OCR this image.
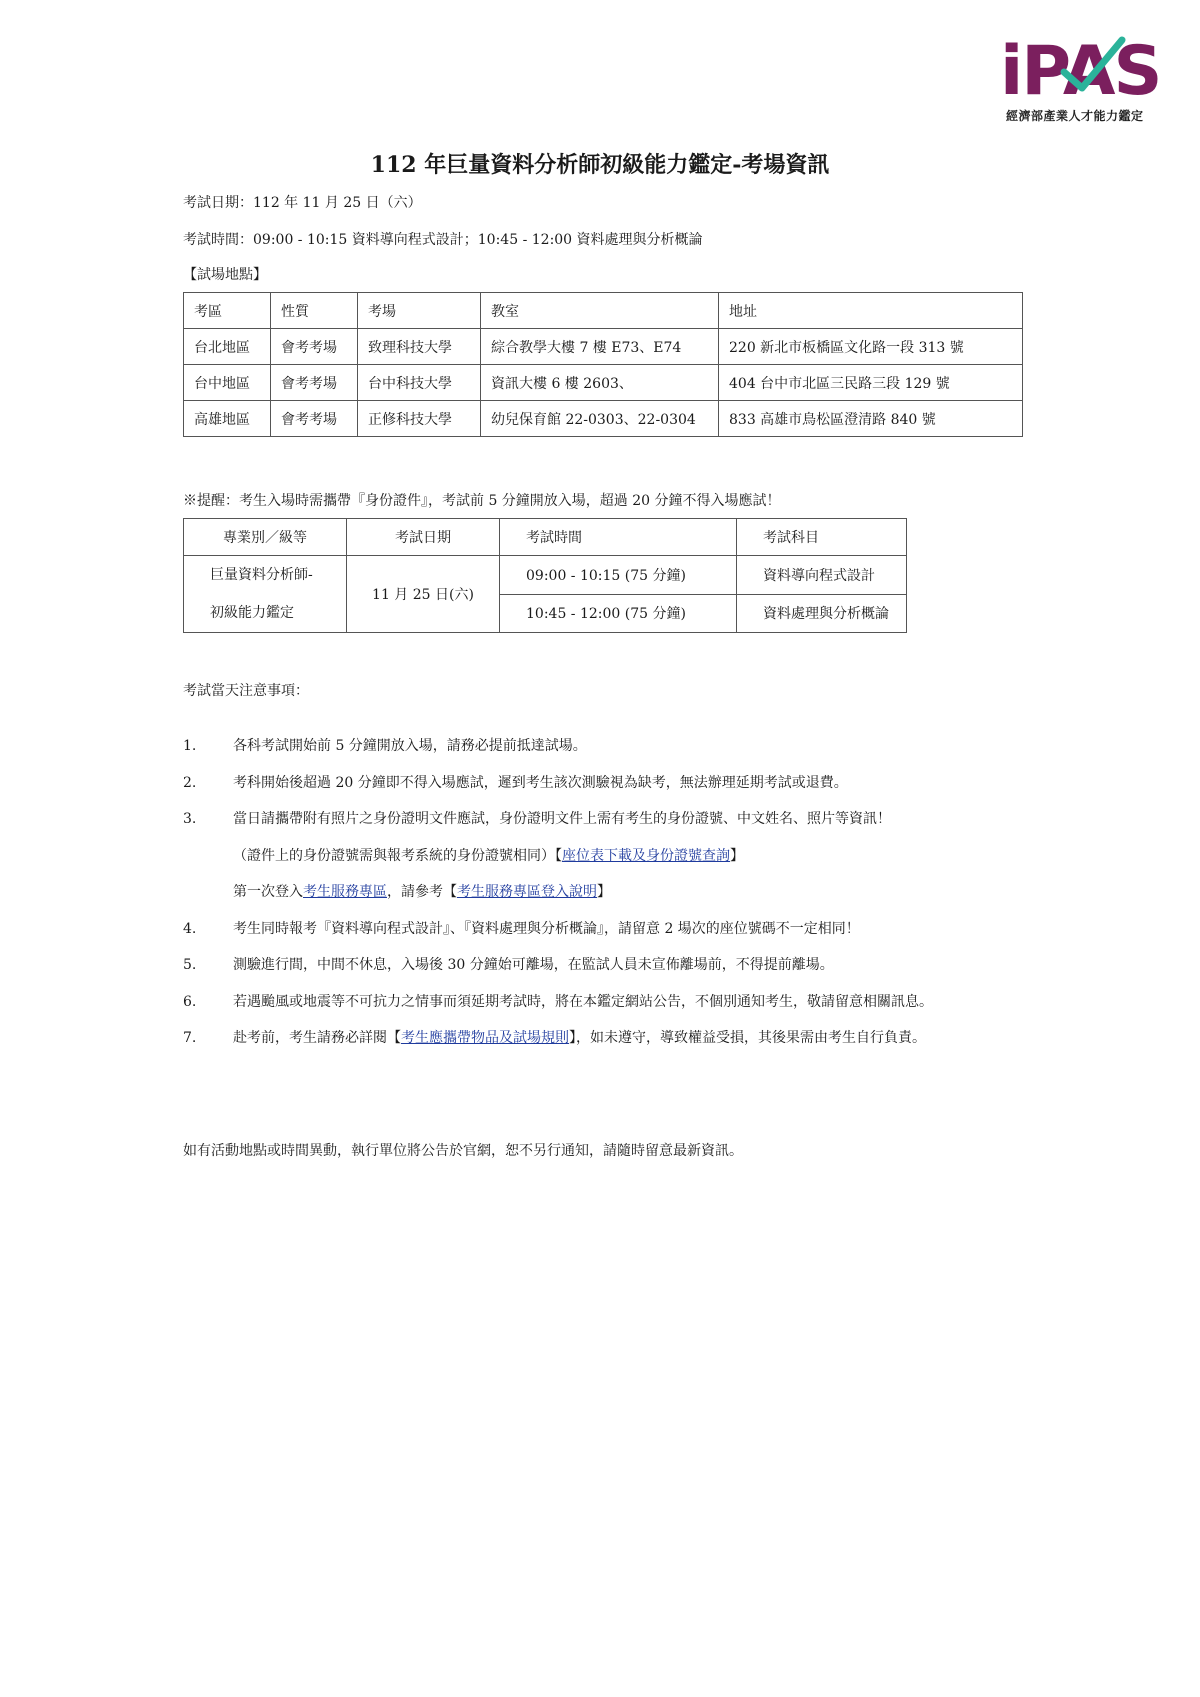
iPAS
經濟部產業人才能力鑑定
112 年巨量資料分析師初級能力鑑定-考場資訊
考試日期：112 年 11 月 25 日（六）
考試時間：09:00 - 10:15 資料導向程式設計；10:45 - 12:00 資料處理與分析概論
【試場地點】
考區	性質	考場	教室	地址
台北地區	會考考場	致理科技大學	綜合教學大樓 7 樓 E73、E74	220 新北市板橋區文化路一段 313 號
台中地區	會考考場	台中科技大學	資訊大樓 6 樓 2603、	404 台中市北區三民路三段 129 號
高雄地區	會考考場	正修科技大學	幼兒保育館 22-0303、22-0304	833 高雄市鳥松區澄清路 840 號
※提醒：考生入場時需攜帶『身份證件』，考試前 5 分鐘開放入場，超過 20 分鐘不得入場應試！
專業別／級等	考試日期	考試時間	考試科目

巨量資料分析師-
初級能力鑑定	11 月 25 日(六)	09:00 - 10:15 (75 分鐘)	資料導向程式設計
		10:45 - 12:00 (75 分鐘)	資料處理與分析概論
考試當天注意事項：
1.	各科考試開始前 5 分鐘開放入場，請務必提前抵達試場。
2.	考科開始後超過 20 分鐘即不得入場應試，遲到考生該次測驗視為缺考，無法辦理延期考試或退費。
3.	當日請攜帶附有照片之身份證明文件應試，身份證明文件上需有考生的身份證號、中文姓名、照片等資訊！
（證件上的身份證號需與報考系統的身份證號相同）【座位表下載及身份證號查詢】
第一次登入考生服務專區，請參考【考生服務專區登入說明】
4.	考生同時報考『資料導向程式設計』、『資料處理與分析概論』，請留意 2 場次的座位號碼不一定相同！
5.	測驗進行間，中間不休息，入場後 30 分鐘始可離場，在監試人員未宣佈離場前，不得提前離場。
6.	若遇颱風或地震等不可抗力之情事而須延期考試時，將在本鑑定網站公告，不個別通知考生，敬請留意相關訊息。
7.	赴考前，考生請務必詳閱【考生應攜帶物品及試場規則】，如未遵守，導致權益受損，其後果需由考生自行負責。
如有活動地點或時間異動，執行單位將公告於官網，恕不另行通知，請隨時留意最新資訊。
